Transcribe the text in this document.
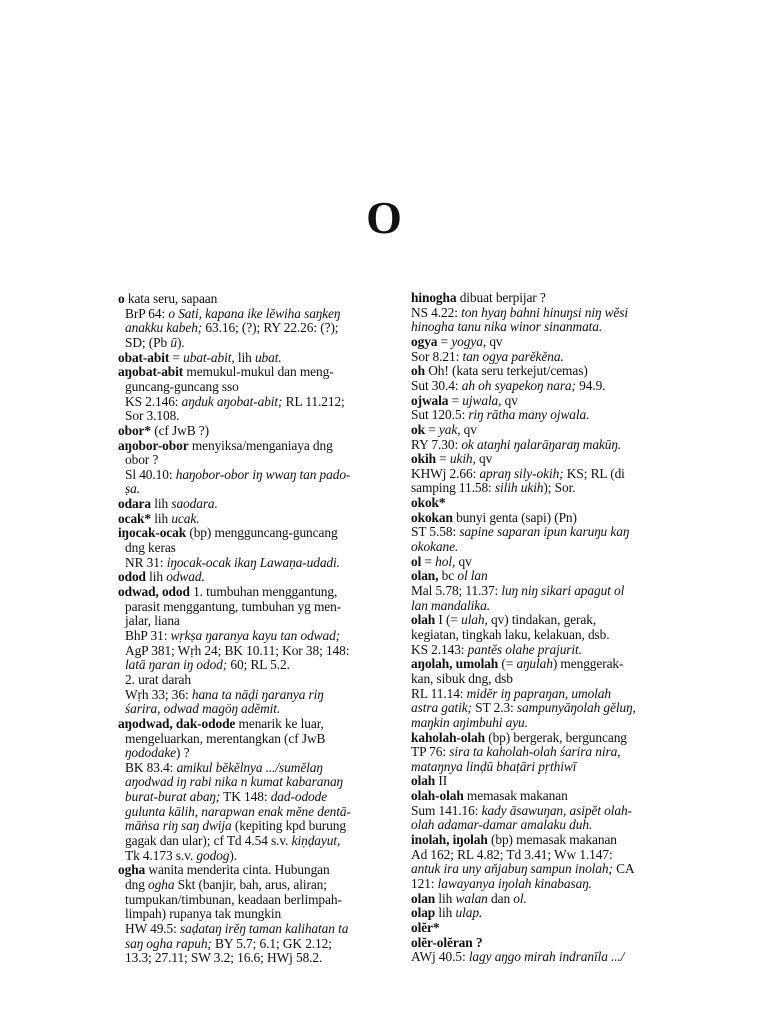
O
o kata seru, sapaan
BrP 64: o Sati, kapana ike lĕwiha saŋkeŋ
anakku kabeh; 63.16; (?); RY 22.26: (?);
SD; (Pb ū).
obat-abit = ubat-abit, lih ubat.
aŋobat-abit memukul-mukul dan meng-
guncang-guncang sso
KS 2.146: aŋduk aŋobat-abit; RL 11.212;
Sor 3.108.
obor* (cf JwB ?)
aŋobor-obor menyiksa/menganiaya dng
obor ?
Sl 40.10: haŋobor-obor iŋ wwaŋ tan pado-
ṣa.
odara lih saodara.
ocak* lih ucak.
iŋocak-ocak (bp) mengguncang-guncang
dng keras
NR 31: iŋocak-ocak ikaŋ Lawaṇa-udadi.
odod lih odwad.
odwad, odod 1. tumbuhan menggantung,
parasit menggantung, tumbuhan yg men-
jalar, liana
BhP 31: wṛkṣa ŋaranya kayu tan odwad;
AgP 381; Wṛh 24; BK 10.11; Kor 38; 148:
latā ŋaran iŋ odod; 60; RL 5.2.
2. urat darah
Wṛh 33; 36: hana ta nāḍi ŋaranya riŋ
śarira, odwad magöŋ adĕmit.
aŋodwad, dak-odode menarik ke luar,
mengeluarkan, merentangkan (cf JwB
ŋododake) ?
BK 83.4: amikul bĕkĕlnya .../sumĕlaŋ
aŋodwad iŋ rabi nika n kumat kabaranaŋ
burat-burat abaŋ; TK 148: dad-odode
gulunta kālih, narapwan enak mĕne dentā-
māṅsa riŋ saŋ dwija (kepiting kpd burung
gagak dan ular); cf Td 4.54 s.v. kiṇḍayut,
Tk 4.173 s.v. godog).
ogha wanita menderita cinta. Hubungan
dng ogha Skt (banjir, bah, arus, aliran;
tumpukan/timbunan, keadaan berlimpah-
limpah) rupanya tak mungkin
HW 49.5: saḍataŋ irĕŋ taman kalihatan ta
saŋ ogha rapuh; BY 5.7; 6.1; GK 2.12;
13.3; 27.11; SW 3.2; 16.6; HWj 58.2.
hinogha dibuat berpijar ?
NS 4.22: ton hyaŋ bahni hinuŋsi niŋ wĕsi
hinogha tanu nika winor sinanmata.
ogya = yogya, qv
Sor 8.21: tan ogya parĕkĕna.
oh Oh! (kata seru terkejut/cemas)
Sut 30.4: ah oh syapekoŋ nara; 94.9.
ojwala = ujwala, qv
Sut 120.5: riŋ rātha many ojwala.
ok = yak, qv
RY 7.30: ok ataŋhi ŋalarāŋaraŋ makūŋ.
okih = ukih, qv
KHWj 2.66: apraŋ sily-okih; KS; RL (di
samping 11.58: silih ukih); Sor.
okok*
okokan bunyi genta (sapi) (Pn)
ST 5.58: sapine saparan ipun karuŋu kaŋ
okokane.
ol = hol, qv
olan, bc ol lan
Mal 5.78; 11.37: luŋ niŋ sikari apagut ol
lan mandalika.
olah I (= ulah, qv) tindakan, gerak,
kegiatan, tingkah laku, kelakuan, dsb.
KS 2.143: pantĕs olahe prajurit.
aŋolah, umolah (= aŋulah) menggerak-
kan, sibuk dng, dsb
RL 11.14: midĕr iŋ papraŋan, umolah
astra gatik; ST 2.3: sampunyāŋolah gĕluŋ,
maŋkin aŋimbuhi ayu.
kaholah-olah (bp) bergerak, berguncang
TP 76: sira ta kaholah-olah śarira nira,
mataŋnya linḍū bhaṭāri pṛthiwī
olah II
olah-olah memasak makanan
Sum 141.16: kady āsawuŋan, asipĕt olah-
olah adamar-damar amalaku duh.
inolah, iŋolah (bp) memasak makanan
Ad 162; RL 4.82; Td 3.41; Ww 1.147:
antuk ira uny aňjabuŋ sampun inolah; CA
121: lawayanya iŋolah kinabasaŋ.
olan lih walan dan ol.
olap lih ulap.
olĕr*
olĕr-olĕran ?
AWj 40.5: lagy aŋgo mirah indranīla .../
